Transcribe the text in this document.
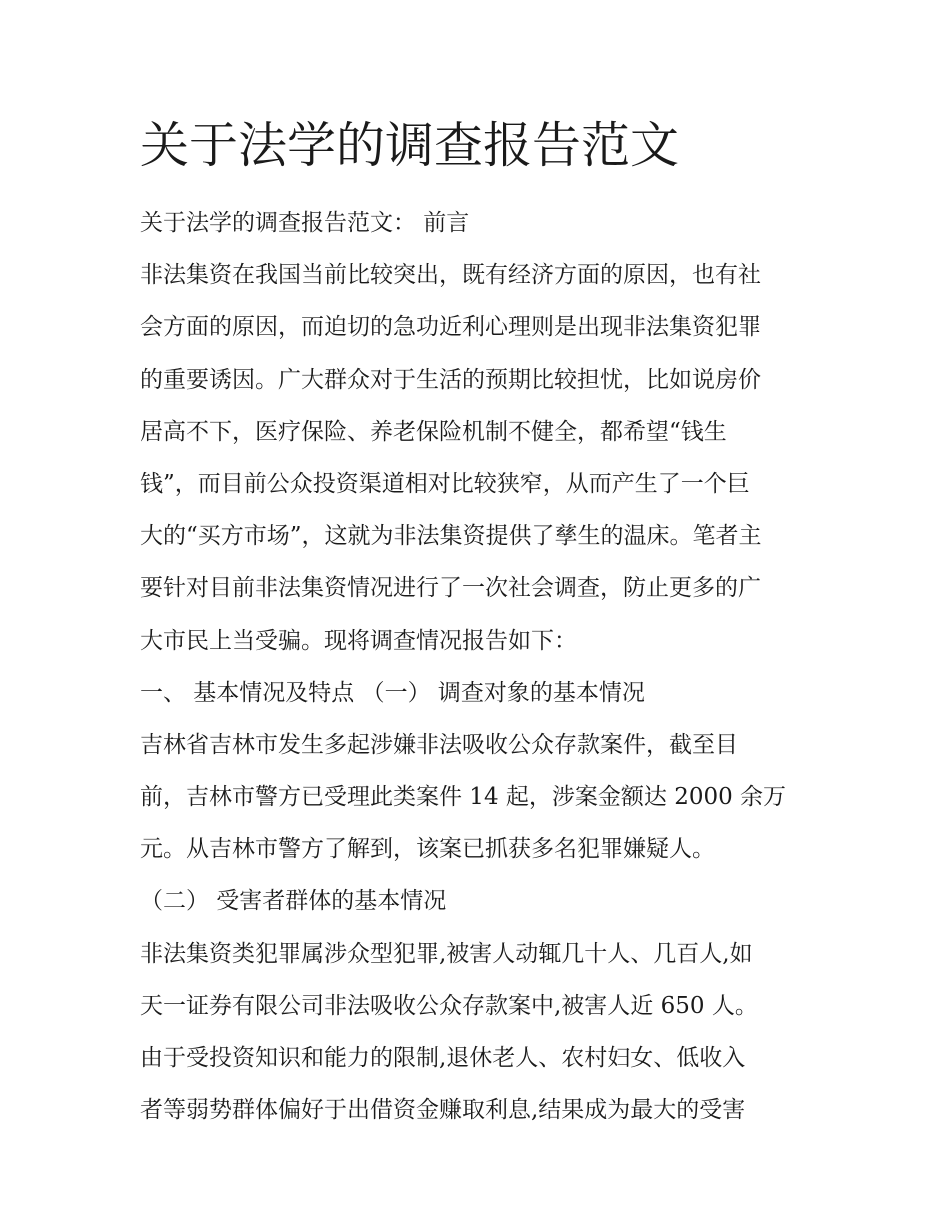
关于法学的调查报告范文
关于法学的调查报告范文： 前言
非法集资在我国当前比较突出，既有经济方面的原因，也有社
会方面的原因，而迫切的急功近利心理则是出现非法集资犯罪
的重要诱因。广大群众对于生活的预期比较担忧，比如说房价
居高不下，医疗保险、养老保险机制不健全，都希望“钱生
钱”，而目前公众投资渠道相对比较狭窄，从而产生了一个巨
大的“买方市场”，这就为非法集资提供了孳生的温床。笔者主
要针对目前非法集资情况进行了一次社会调查，防止更多的广
大市民上当受骗。现将调查情况报告如下：
一、 基本情况及特点 （一） 调查对象的基本情况
吉林省吉林市发生多起涉嫌非法吸收公众存款案件，截至目
前，吉林市警方已受理此类案件 14 起，涉案金额达 2000 余万
元。从吉林市警方了解到，该案已抓获多名犯罪嫌疑人。
（二） 受害者群体的基本情况
非法集资类犯罪属涉众型犯罪,被害人动辄几十人、几百人,如
天一证券有限公司非法吸收公众存款案中,被害人近 650 人。
由于受投资知识和能力的限制,退休老人、农村妇女、低收入
者等弱势群体偏好于出借资金赚取利息,结果成为最大的受害
